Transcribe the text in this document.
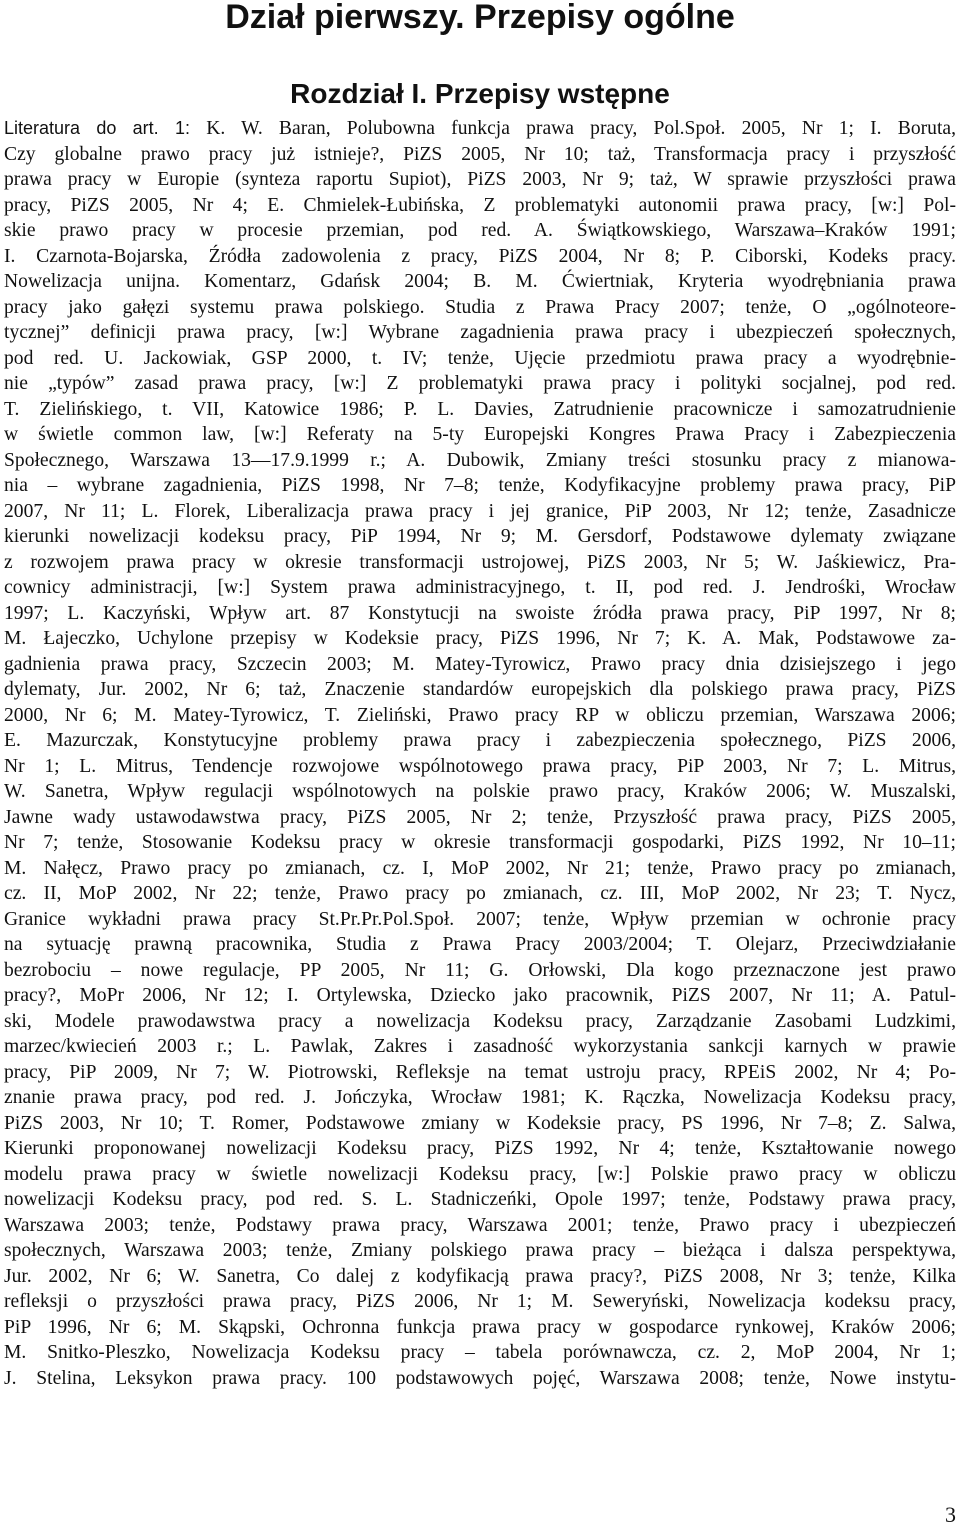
Dział pierwszy. Przepisy ogólne
Rozdział I. Przepisy wstępne
Literatura do art. 1: K. W. Baran, Polubowna funkcja prawa pracy, Pol.Społ. 2005, Nr 1; I. Boruta,
Czy globalne prawo pracy już istnieje?, PiZS 2005, Nr 10; taż, Transformacja pracy i przyszłość
prawa pracy w Europie (synteza raportu Supiot), PiZS 2003, Nr 9; taż, W sprawie przyszłości prawa
pracy, PiZS 2005, Nr 4; E. Chmielek-Łubińska, Z problematyki autonomii prawa pracy, [w:] Pol-
skie prawo pracy w procesie przemian, pod red. A. Świątkowskiego, Warszawa–Kraków 1991;
I. Czarnota-Bojarska, Źródła zadowolenia z pracy, PiZS 2004, Nr 8; P. Ciborski, Kodeks pracy.
Nowelizacja unijna. Komentarz, Gdańsk 2004; B. M. Ćwiertniak, Kryteria wyodrębniania prawa
pracy jako gałęzi systemu prawa polskiego. Studia z Prawa Pracy 2007; tenże, O „ogólnoteore-
tycznej” definicji prawa pracy, [w:] Wybrane zagadnienia prawa pracy i ubezpieczeń społecznych,
pod red. U. Jackowiak, GSP 2000, t. IV; tenże, Ujęcie przedmiotu prawa pracy a wyodrębnie-
nie „typów” zasad prawa pracy, [w:] Z problematyki prawa pracy i polityki socjalnej, pod red.
T. Zielińskiego, t. VII, Katowice 1986; P. L. Davies, Zatrudnienie pracownicze i samozatrudnienie
w świetle common law, [w:] Referaty na 5-ty Europejski Kongres Prawa Pracy i Zabezpieczenia
Społecznego, Warszawa 13—17.9.1999 r.; A. Dubowik, Zmiany treści stosunku pracy z mianowa-
nia – wybrane zagadnienia, PiZS 1998, Nr 7–8; tenże, Kodyfikacyjne problemy prawa pracy, PiP
2007, Nr 11; L. Florek, Liberalizacja prawa pracy i jej granice, PiP 2003, Nr 12; tenże, Zasadnicze
kierunki nowelizacji kodeksu pracy, PiP 1994, Nr 9; M. Gersdorf, Podstawowe dylematy związane
z rozwojem prawa pracy w okresie transformacji ustrojowej, PiZS 2003, Nr 5; W. Jaśkiewicz, Pra-
cownicy administracji, [w:] System prawa administracyjnego, t. II, pod red. J. Jendrośki, Wrocław
1997; L. Kaczyński, Wpływ art. 87 Konstytucji na swoiste źródła prawa pracy, PiP 1997, Nr 8;
M. Łajeczko, Uchylone przepisy w Kodeksie pracy, PiZS 1996, Nr 7; K. A. Mak, Podstawowe za-
gadnienia prawa pracy, Szczecin 2003; M. Matey-Tyrowicz, Prawo pracy dnia dzisiejszego i jego
dylematy, Jur. 2002, Nr 6; taż, Znaczenie standardów europejskich dla polskiego prawa pracy, PiZS
2000, Nr 6; M. Matey-Tyrowicz, T. Zieliński, Prawo pracy RP w obliczu przemian, Warszawa 2006;
E. Mazurczak, Konstytucyjne problemy prawa pracy i zabezpieczenia społecznego, PiZS 2006,
Nr 1; L. Mitrus, Tendencje rozwojowe wspólnotowego prawa pracy, PiP 2003, Nr 7; L. Mitrus,
W. Sanetra, Wpływ regulacji wspólnotowych na polskie prawo pracy, Kraków 2006; W. Muszalski,
Jawne wady ustawodawstwa pracy, PiZS 2005, Nr 2; tenże, Przyszłość prawa pracy, PiZS 2005,
Nr 7; tenże, Stosowanie Kodeksu pracy w okresie transformacji gospodarki, PiZS 1992, Nr 10–11;
M. Nałęcz, Prawo pracy po zmianach, cz. I, MoP 2002, Nr 21; tenże, Prawo pracy po zmianach,
cz. II, MoP 2002, Nr 22; tenże, Prawo pracy po zmianach, cz. III, MoP 2002, Nr 23; T. Nycz,
Granice wykładni prawa pracy St.Pr.Pr.Pol.Społ. 2007; tenże, Wpływ przemian w ochronie pracy
na sytuację prawną pracownika, Studia z Prawa Pracy 2003/2004; T. Olejarz, Przeciwdziałanie
bezrobociu – nowe regulacje, PP 2005, Nr 11; G. Orłowski, Dla kogo przeznaczone jest prawo
pracy?, MoPr 2006, Nr 12; I. Ortylewska, Dziecko jako pracownik, PiZS 2007, Nr 11; A. Patul-
ski, Modele prawodawstwa pracy a nowelizacja Kodeksu pracy, Zarządzanie Zasobami Ludzkimi,
marzec/kwiecień 2003 r.; L. Pawlak, Zakres i zasadność wykorzystania sankcji karnych w prawie
pracy, PiP 2009, Nr 7; W. Piotrowski, Refleksje na temat ustroju pracy, RPEiS 2002, Nr 4; Po-
znanie prawa pracy, pod red. J. Jończyka, Wrocław 1981; K. Rączka, Nowelizacja Kodeksu pracy,
PiZS 2003, Nr 10; T. Romer, Podstawowe zmiany w Kodeksie pracy, PS 1996, Nr 7–8; Z. Salwa,
Kierunki proponowanej nowelizacji Kodeksu pracy, PiZS 1992, Nr 4; tenże, Kształtowanie nowego
modelu prawa pracy w świetle nowelizacji Kodeksu pracy, [w:] Polskie prawo pracy w obliczu
nowelizacji Kodeksu pracy, pod red. S. L. Stadniczeńki, Opole 1997; tenże, Podstawy prawa pracy,
Warszawa 2003; tenże, Podstawy prawa pracy, Warszawa 2001; tenże, Prawo pracy i ubezpieczeń
społecznych, Warszawa 2003; tenże, Zmiany polskiego prawa pracy – bieżąca i dalsza perspektywa,
Jur. 2002, Nr 6; W. Sanetra, Co dalej z kodyfikacją prawa pracy?, PiZS 2008, Nr 3; tenże, Kilka
refleksji o przyszłości prawa pracy, PiZS 2006, Nr 1; M. Seweryński, Nowelizacja kodeksu pracy,
PiP 1996, Nr 6; M. Skąpski, Ochronna funkcja prawa pracy w gospodarce rynkowej, Kraków 2006;
M. Snitko-Pleszko, Nowelizacja Kodeksu pracy – tabela porównawcza, cz. 2, MoP 2004, Nr 1;
J. Stelina, Leksykon prawa pracy. 100 podstawowych pojęć, Warszawa 2008; tenże, Nowe instytu-
3
